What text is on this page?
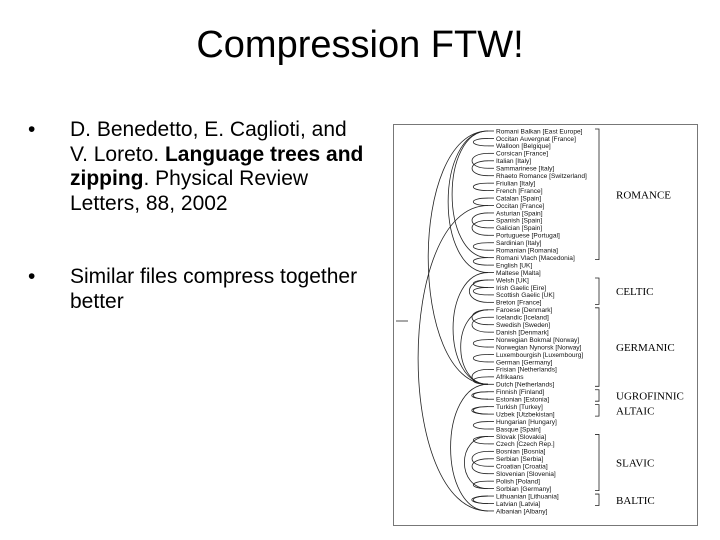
Compression FTW!
• D. Benedetto, E. Caglioti, and V. Loreto. Language trees and zipping. Physical Review Letters, 88, 2002
• Similar files compress together better
Romani Balkan [East Europe]
Occitan Auvergnat [France]
Walloon [Belgique]
Corsican [France]
Italian [Italy]
Sammarinese [Italy]
Rhaeto Romance [Switzerland]
Friulian [Italy]
French [France]
Catalan [Spain]
Occitan [France]
Asturian [Spain]
Spanish [Spain]
Galician [Spain]
Portuguese [Portugal]
Sardinian [Italy]
Romanian [Romania]
Romani Vlach [Macedonia]
English [UK]
Maltese [Malta]
Welsh [UK]
Irish Gaelic [Eire]
Scottish Gaelic [UK]
Breton [France]
Faroese [Denmark]
Icelandic [Iceland]
Swedish [Sweden]
Danish [Denmark]
Norwegian Bokmal [Norway]
Norwegian Nynorsk [Norway]
Luxembourgish [Luxembourg]
German [Germany]
Frisian [Netherlands]
Afrikaans
Dutch [Netherlands]
Finnish [Finland]
Estonian [Estonia]
Turkish [Turkey]
Uzbek [Utzbekistan]
Hungarian [Hungary]
Basque [Spain]
Slovak [Slovakia]
Czech [Czech Rep.]
Bosnian [Bosnia]
Serbian [Serbia]
Croatian [Croatia]
Slovenian [Slovenia]
Polish [Poland]
Sorbian [Germany]
Lithuanian [Lithuania]
Latvian [Latvia]
Albanian [Albany]
ROMANCE
CELTIC
GERMANIC
UGROFINNIC
ALTAIC
SLAVIC
BALTIC
